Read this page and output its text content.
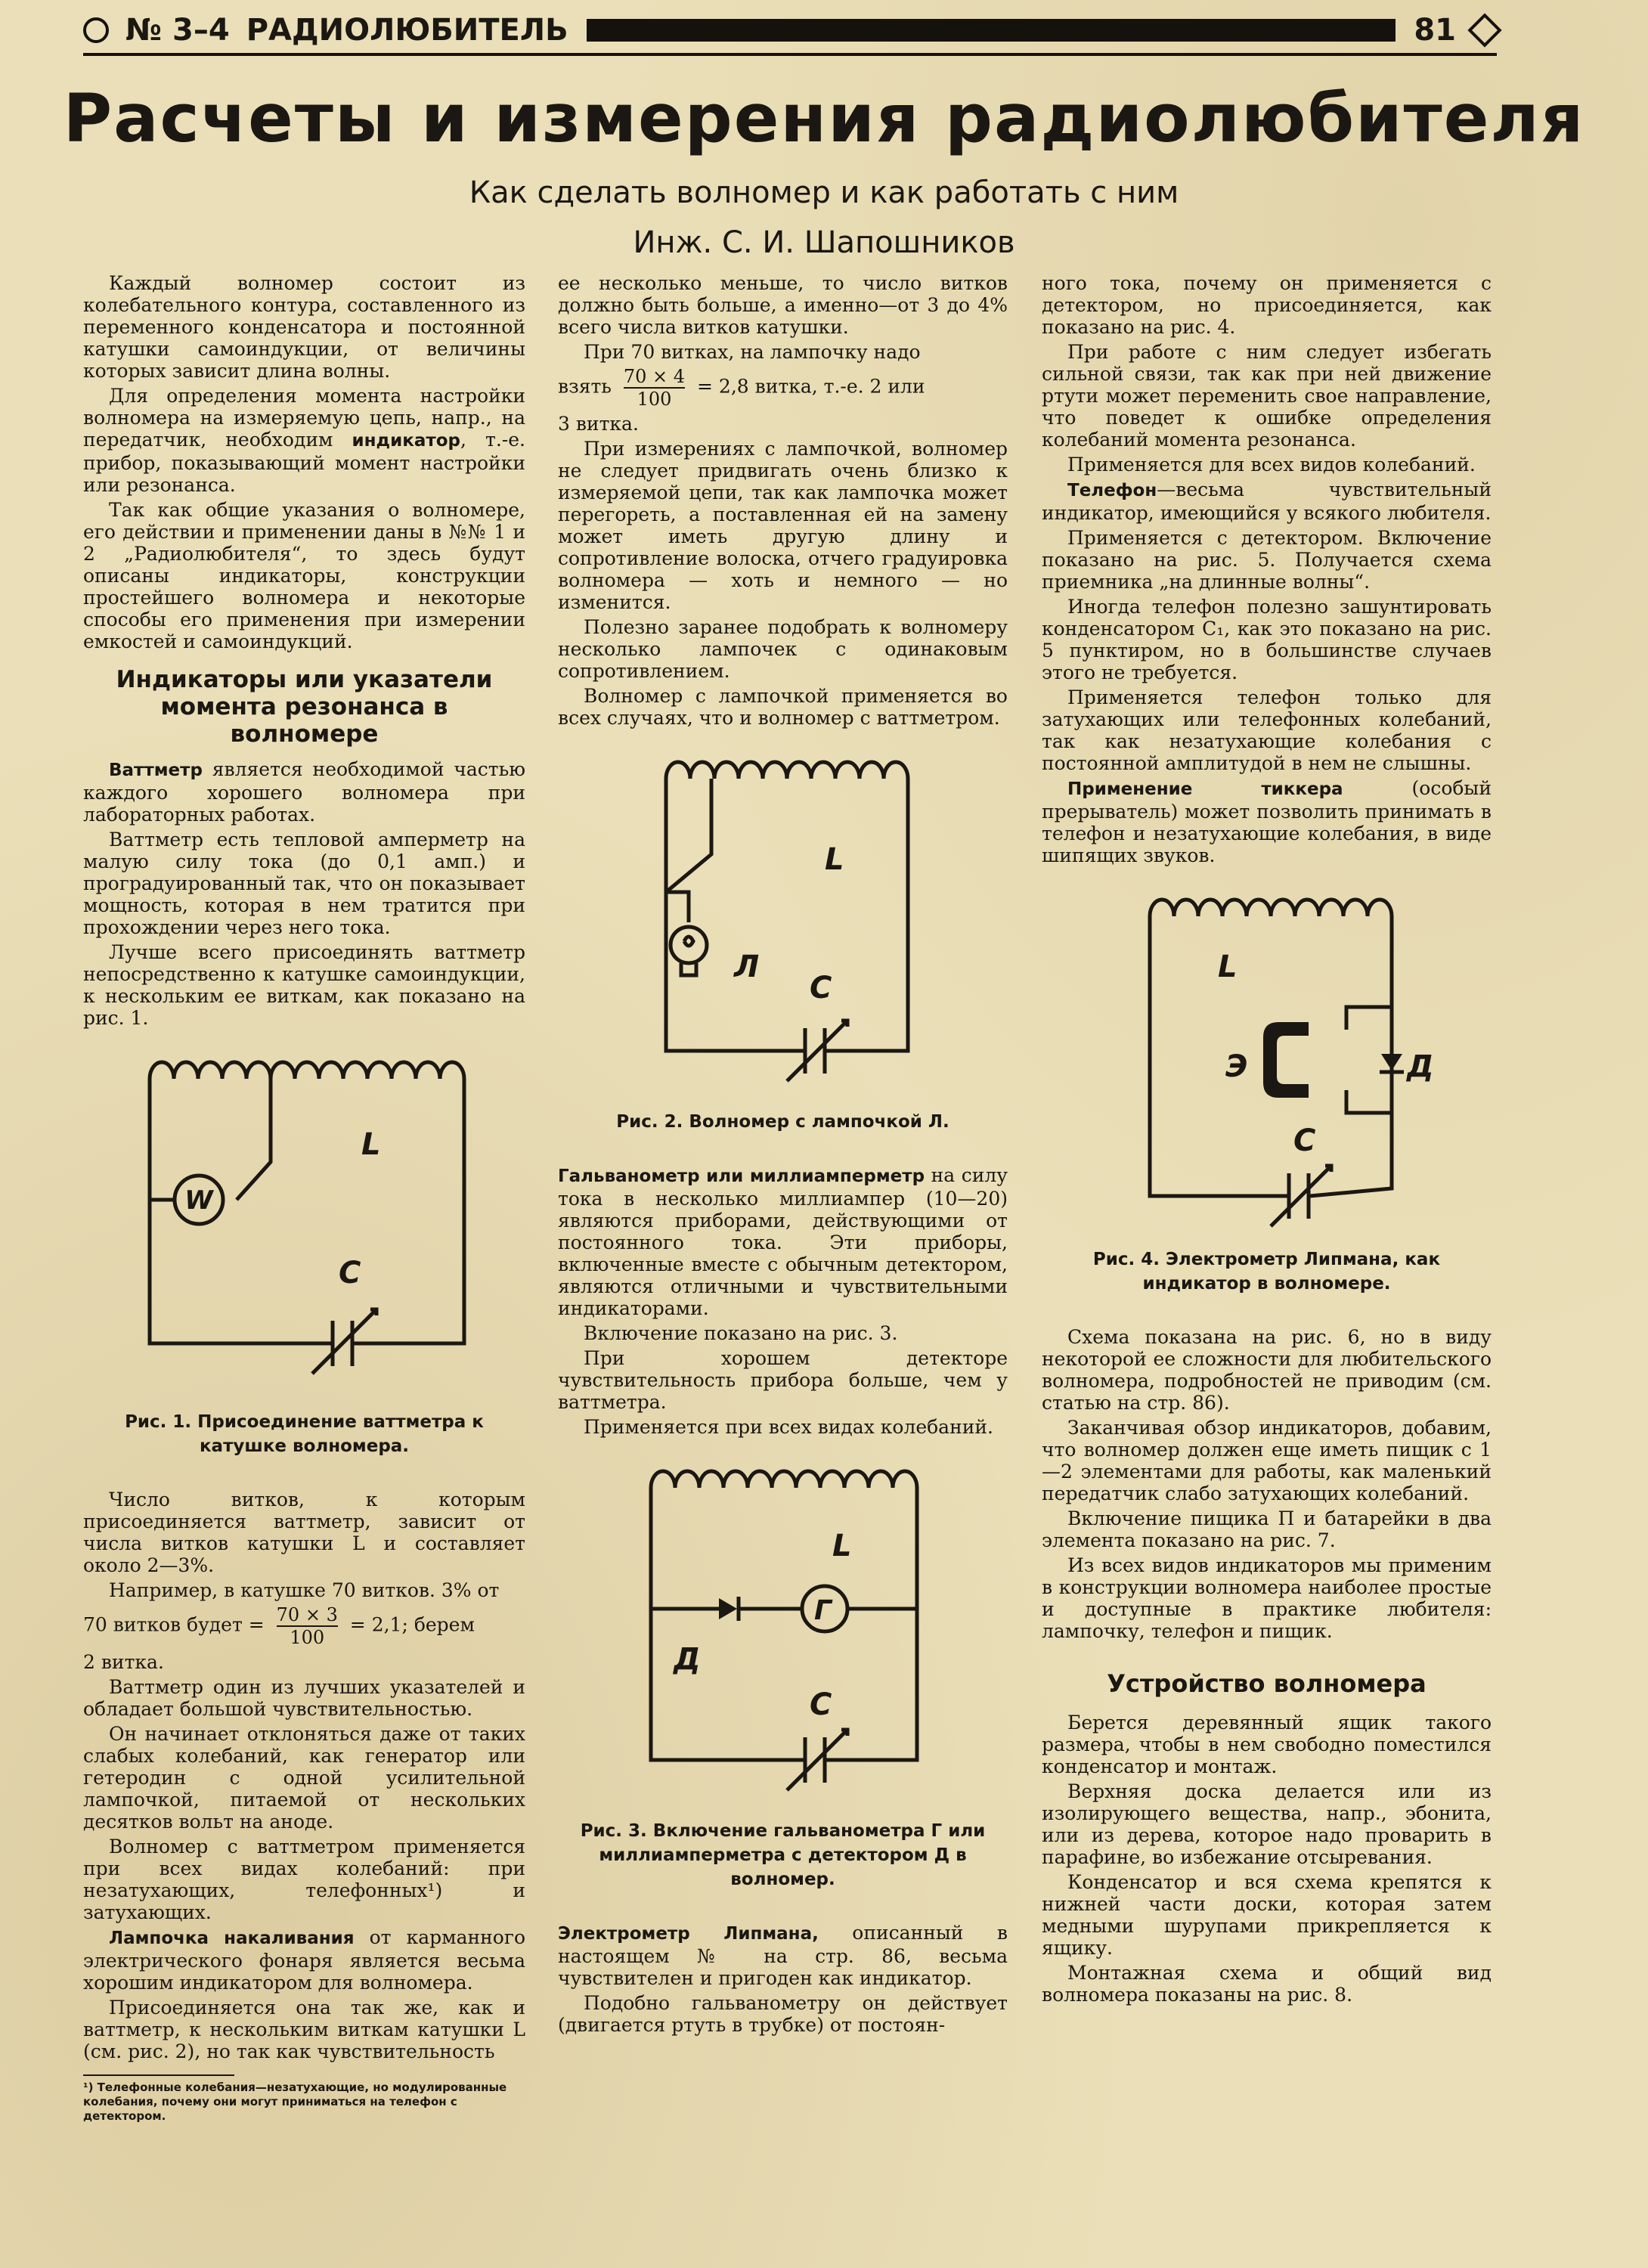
№ 3–4 РАДИОЛЮБИТЕЛЬ	81
Расчеты и измерения радиолюбителя
Как сделать волномер и как работать с ним
Инж. С. И. Шапошников

Каждый волномер состоит из колебательного контура, составленного из переменного конденсатора и постоянной катушки самоиндукции, от величины которых зависит длина волны.

Для определения момента настройки волномера на измеряемую цепь, напр., на передатчик, необходим индикатор, т.-е. прибор, показывающий момент настройки или резонанса.

Так как общие указания о волномере, его действии и применении даны в №№ 1 и 2 „Радиолюбителя“, то здесь будут описаны индикаторы, конструкции простейшего волномера и некоторые способы его применения при измерении емкостей и самоиндукций.

Индикаторы или указатели момента резонанса в волномере

Ваттметр является необходимой частью каждого хорошего волномера при лабораторных работах.

Ваттметр есть тепловой амперметр на малую силу тока (до 0,1 амп.) и проградуированный так, что он показывает мощность, которая в нем тратится при прохождении через него тока.

Лучше всего присоединять ваттметр непосредственно к катушке самоиндукции, к нескольким ее виткам, как показано на рис. 1.

W
L
C
Рис. 1. Присоединение ваттметра к катушке волномера.

Число витков, к которым присоединяется ваттметр, зависит от числа витков катушки L и составляет около 2—3%.

Например, в катушке 70 витков. 3% от

70 витков будет = $\frac{70 \times 3}{100} = 2,1$; берем

2 витка.

Ваттметр один из лучших указателей и обладает большой чувствительностью.

Он начинает отклоняться даже от таких слабых колебаний, как генератор или гетеродин с одной усилительной лампочкой, питаемой от нескольких десятков вольт на аноде.

Волномер с ваттметром применяется при всех видах колебаний: при незатухающих, телефонных¹) и затухающих.

Лампочка накаливания от карманного электрического фонаря является весьма хорошим индикатором для волномера.

Присоединяется она так же, как и ваттметр, к нескольким виткам катушки L (см. рис. 2), но так как чувствительность

¹) Телефонные колебания—незатухающие, но модулированные колебания, почему они могут приниматься на телефон с детектором.

ее несколько меньше, то число витков должно быть больше, а именно—от 3 до 4% всего числа витков катушки.

При 70 витках, на лампочку надо

взять $\frac{70 \times 4}{100} = 2,8$ витка, т.-е. 2 или

3 витка.

При измерениях с лампочкой, волномер не следует придвигать очень близко к измеряемой цепи, так как лампочка может перегореть, а поставленная ей на замену может иметь другую длину и сопротивление волоска, отчего градуировка волномера — хоть и немного — но изменится.

Полезно заранее подобрать к волномеру несколько лампочек с одинаковым сопротивлением.

Волномер с лампочкой применяется во всех случаях, что и волномер с ваттметром.

Л
L
C
Рис. 2. Волномер с лампочкой Л.

Гальванометр или миллиамперметр на силу тока в несколько миллиампер (10—20) являются приборами, действующими от постоянного тока. Эти приборы, включенные вместе с обычным детектором, являются отличными и чувствительными индикаторами.

Включение показано на рис. 3.

При хорошем детекторе чувствительность прибора больше, чем у ваттметра.

Применяется при всех видах колебаний.

Г
L
Д
C
Рис. 3. Включение гальванометра Г или миллиамперметра с детектором Д в волномер.

Электрометр Липмана, описанный в настоящем № на стр. 86, весьма чувствителен и пригоден как индикатор.

Подобно гальванометру он действует (двигается ртуть в трубке) от постоян-

ного тока, почему он применяется с детектором, но присоединяется, как показано на рис. 4.

При работе с ним следует избегать сильной связи, так как при ней движение ртути может переменить свое направление, что поведет к ошибке определения колебаний момента резонанса.

Применяется для всех видов колебаний.

Телефон—весьма чувствительный индикатор, имеющийся у всякого любителя.

Применяется с детектором. Включение показано на рис. 5. Получается схема приемника „на длинные волны“.

Иногда телефон полезно зашунтировать конденсатором C₁, как это показано на рис. 5 пунктиром, но в большинстве случаев этого не требуется.

Применяется телефон только для затухающих или телефонных колебаний, так как незатухающие колебания с постоянной амплитудой в нем не слышны.

Применение тиккера (особый прерыватель) может позволить принимать в телефон и незатухающие колебания, в виде шипящих звуков.

Э	Д
L
C
Рис. 4. Электрометр Липмана, как индикатор в волномере.

Схема показана на рис. 6, но в виду некоторой ее сложности для любительского волномера, подробностей не приводим (см. статью на стр. 86).

Заканчивая обзор индикаторов, добавим, что волномер должен еще иметь пищик с 1—2 элементами для работы, как маленький передатчик слабо затухающих колебаний.

Включение пищика П и батарейки в два элемента показано на рис. 7.

Из всех видов индикаторов мы применим в конструкции волномера наиболее простые и доступные в практике любителя: лампочку, телефон и пищик.

Устройство волномера

Берется деревянный ящик такого размера, чтобы в нем свободно поместился конденсатор и монтаж.

Верхняя доска делается или из изолирующего вещества, напр., эбонита, или из дерева, которое надо проварить в парафине, во избежание отсыревания.

Конденсатор и вся схема крепятся к нижней части доски, которая затем медными шурупами прикрепляется к ящику.

Монтажная схема и общий вид волномера показаны на рис. 8.
